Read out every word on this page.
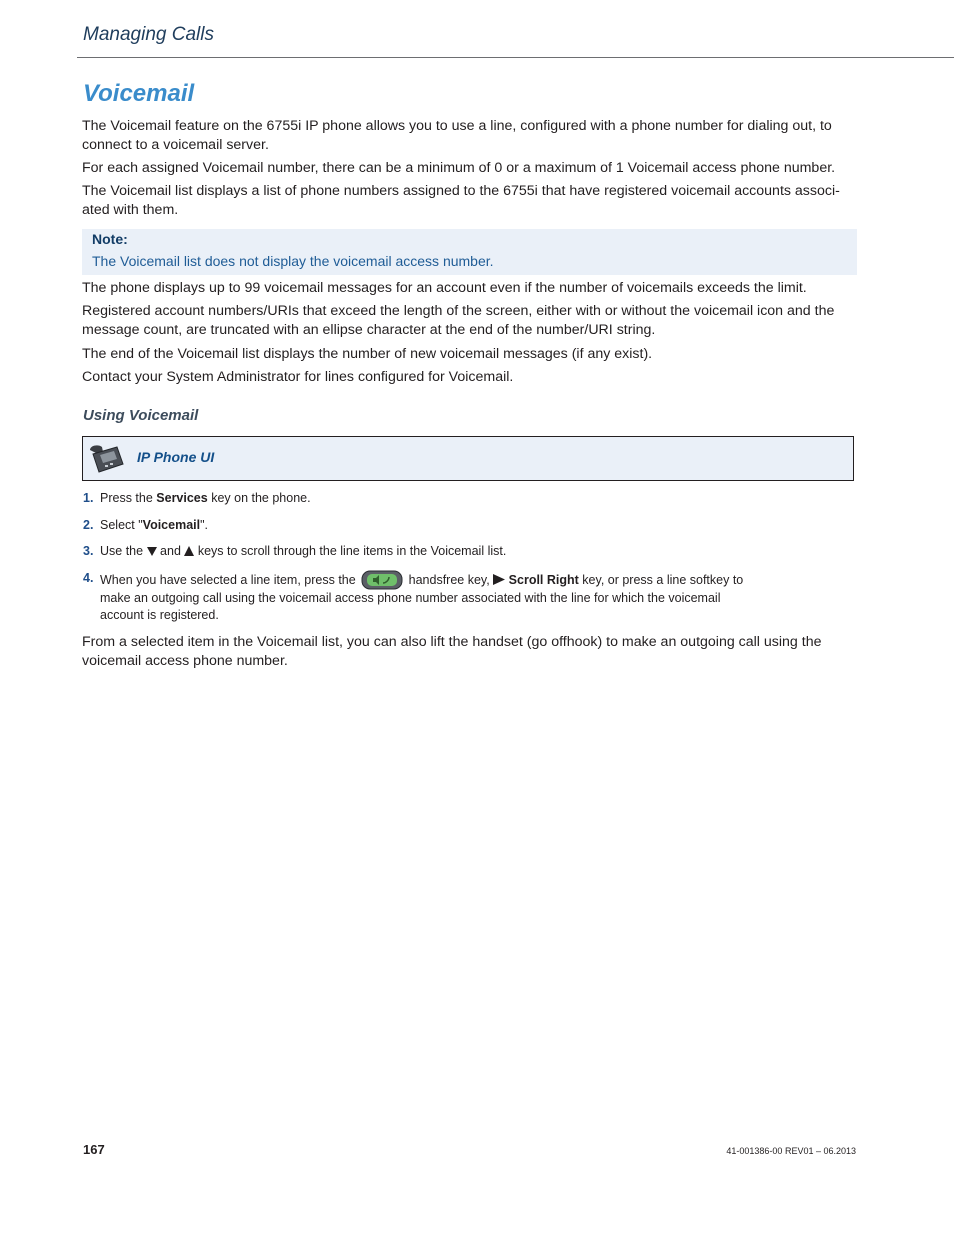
Managing Calls
Voicemail

The Voicemail feature on the 6755i IP phone allows you to use a line, configured with a phone number for dialing out, to connect to a voicemail server.

For each assigned Voicemail number, there can be a minimum of 0 or a maximum of 1 Voicemail access phone number.

The Voicemail list displays a list of phone numbers assigned to the 6755i that have registered voicemail accounts associ-ated with them.

Note:
The Voicemail list does not display the voicemail access number.

The phone displays up to 99 voicemail messages for an account even if the number of voicemails exceeds the limit.

Registered account numbers/URIs that exceed the length of the screen, either with or without the voicemail icon and the message count, are truncated with an ellipse character at the end of the number/URI string.

The end of the Voicemail list displays the number of new voicemail messages (if any exist).

Contact your System Administrator for lines configured for Voicemail.

Using Voicemail
IP Phone UI
1. Press the Services key on the phone.
2. Select "Voicemail".
3. Use the  and  keys to scroll through the line items in the Voicemail list.
4. When you have selected a line item, press the	handsfree key,  Scroll Right key, or press a line softkey to make an outgoing call using the voicemail access phone number associated with the line for which the voicemail account is registered.

From a selected item in the Voicemail list, you can also lift the handset (go offhook) to make an outgoing call using the voicemail access phone number.

167	41-001386-00 REV01 – 06.2013
